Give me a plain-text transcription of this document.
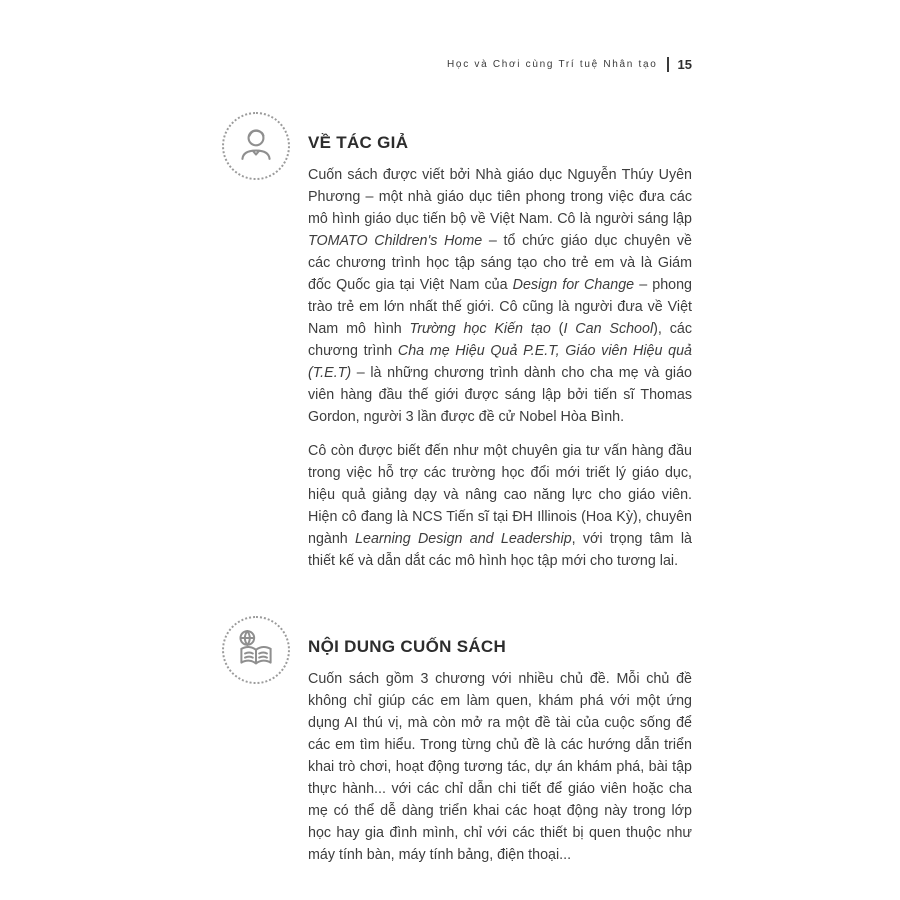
Học và Chơi cùng Trí tuệ Nhân tạo 15
VỀ TÁC GIẢ

Cuốn sách được viết bởi Nhà giáo dục Nguyễn Thúy Uyên Phương – một nhà giáo dục tiên phong trong việc đưa các mô hình giáo dục tiến bộ về Việt Nam. Cô là người sáng lập TOMATO Children's Home – tổ chức giáo dục chuyên về các chương trình học tập sáng tạo cho trẻ em và là Giám đốc Quốc gia tại Việt Nam của Design for Change – phong trào trẻ em lớn nhất thế giới. Cô cũng là người đưa về Việt Nam mô hình Trường học Kiến tạo (I Can School), các chương trình Cha mẹ Hiệu Quả P.E.T, Giáo viên Hiệu quả (T.E.T) – là những chương trình dành cho cha mẹ và giáo viên hàng đầu thế giới được sáng lập bởi tiến sĩ Thomas Gordon, người 3 lần được đề cử Nobel Hòa Bình.

Cô còn được biết đến như một chuyên gia tư vấn hàng đầu trong việc hỗ trợ các trường học đổi mới triết lý giáo dục, hiệu quả giảng dạy và nâng cao năng lực cho giáo viên. Hiện cô đang là NCS Tiến sĩ tại ĐH Illinois (Hoa Kỳ), chuyên ngành Learning Design and Leadership, với trọng tâm là thiết kế và dẫn dắt các mô hình học tập mới cho tương lai.

NỘI DUNG CUỐN SÁCH

Cuốn sách gồm 3 chương với nhiều chủ đề. Mỗi chủ đề không chỉ giúp các em làm quen, khám phá với một ứng dụng AI thú vị, mà còn mở ra một đề tài của cuộc sống để các em tìm hiểu. Trong từng chủ đề là các hướng dẫn triển khai trò chơi, hoạt động tương tác, dự án khám phá, bài tập thực hành... với các chỉ dẫn chi tiết để giáo viên hoặc cha mẹ có thể dễ dàng triển khai các hoạt động này trong lớp học hay gia đình mình, chỉ với các thiết bị quen thuộc như máy tính bàn, máy tính bảng, điện thoại...
